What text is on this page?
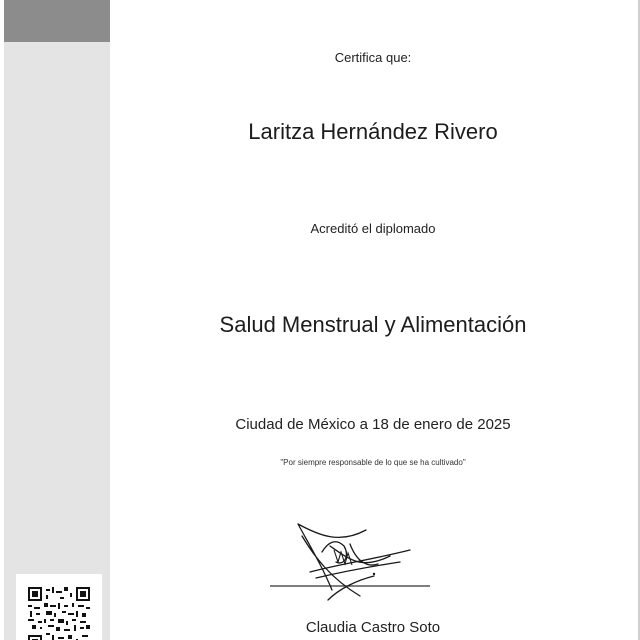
Certifica que:
Laritza Hernández Rivero
Acreditó el diplomado
Salud Menstrual y Alimentación
Ciudad de México a 18 de enero de 2025
"Por siempre responsable de lo que se ha cultivado"
Claudia Castro Soto
